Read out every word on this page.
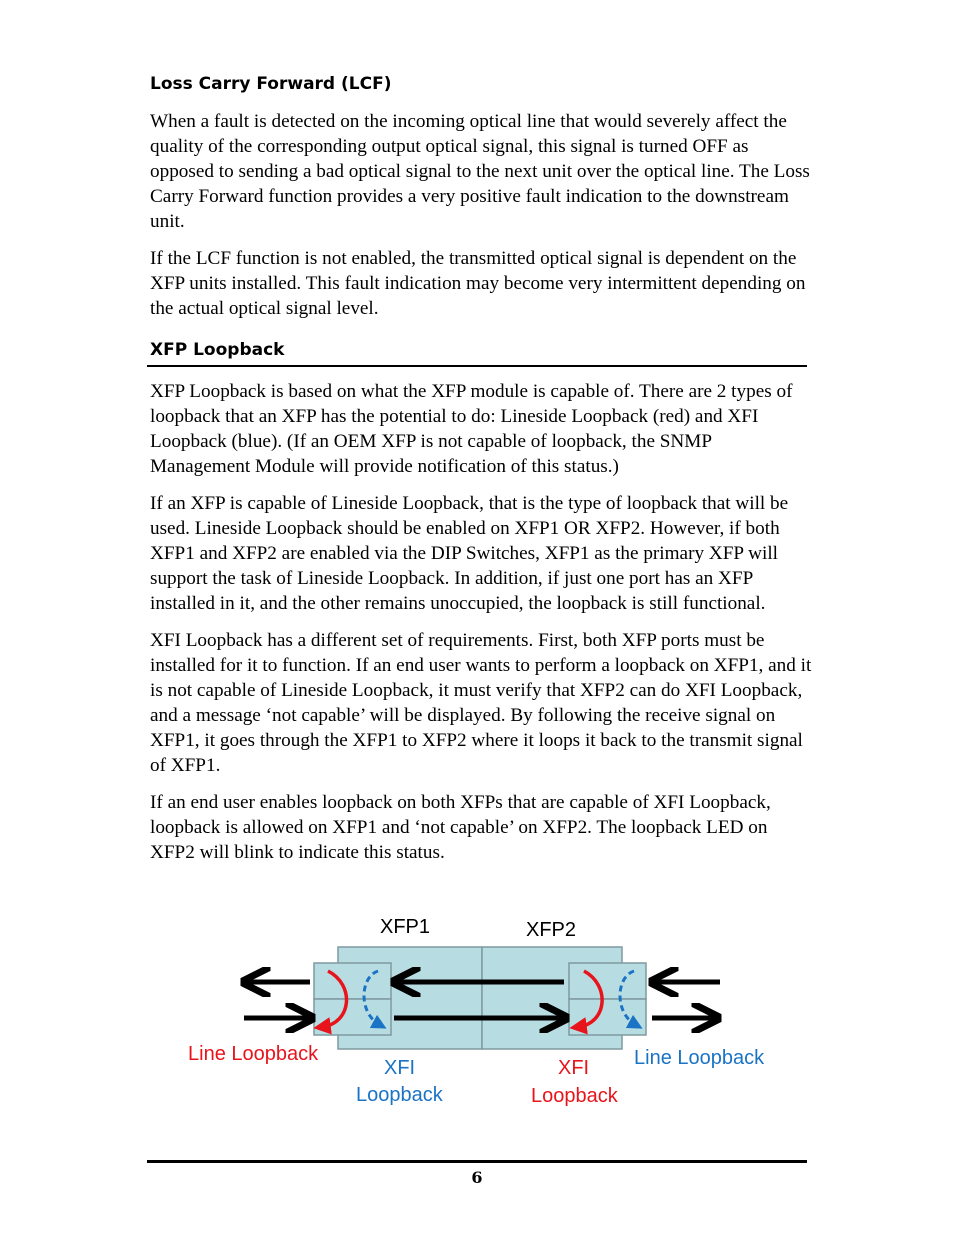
Loss Carry Forward (LCF)

When a fault is detected on the incoming optical line that would severely affect the quality of the corresponding output optical signal, this signal is turned OFF as opposed to sending a bad optical signal to the next unit over the optical line. The Loss Carry Forward function provides a very positive fault indication to the downstream unit.

If the LCF function is not enabled, the transmitted optical signal is dependent on the XFP units installed. This fault indication may become very intermittent depending on the actual optical signal level.

XFP Loopback

XFP Loopback is based on what the XFP module is capable of. There are 2 types of loopback that an XFP has the potential to do: Lineside Loopback (red) and XFI Loopback (blue). (If an OEM XFP is not capable of loopback, the SNMP Management Module will provide notification of this status.)

If an XFP is capable of Lineside Loopback, that is the type of loopback that will be used. Lineside Loopback should be enabled on XFP1 OR XFP2. However, if both XFP1 and XFP2 are enabled via the DIP Switches, XFP1 as the primary XFP will support the task of Lineside Loopback. In addition, if just one port has an XFP installed in it, and the other remains unoccupied, the loopback is still functional.

XFI Loopback has a different set of requirements. First, both XFP ports must be installed for it to function. If an end user wants to perform a loopback on XFP1, and it is not capable of Lineside Loopback, it must verify that XFP2 can do XFI Loopback, and a message ‘not capable’ will be displayed. By following the receive signal on XFP1, it goes through the XFP1 to XFP2 where it loops it back to the transmit signal of XFP1.

If an end user enables loopback on both XFPs that are capable of XFI Loopback, loopback is allowed on XFP1 and ‘not capable’ on XFP2. The loopback LED on XFP2 will blink to indicate this status.

XFP1	XFP2
Line Loopback
XFI
Loopback
XFI
Loopback
Line Loopback
6
